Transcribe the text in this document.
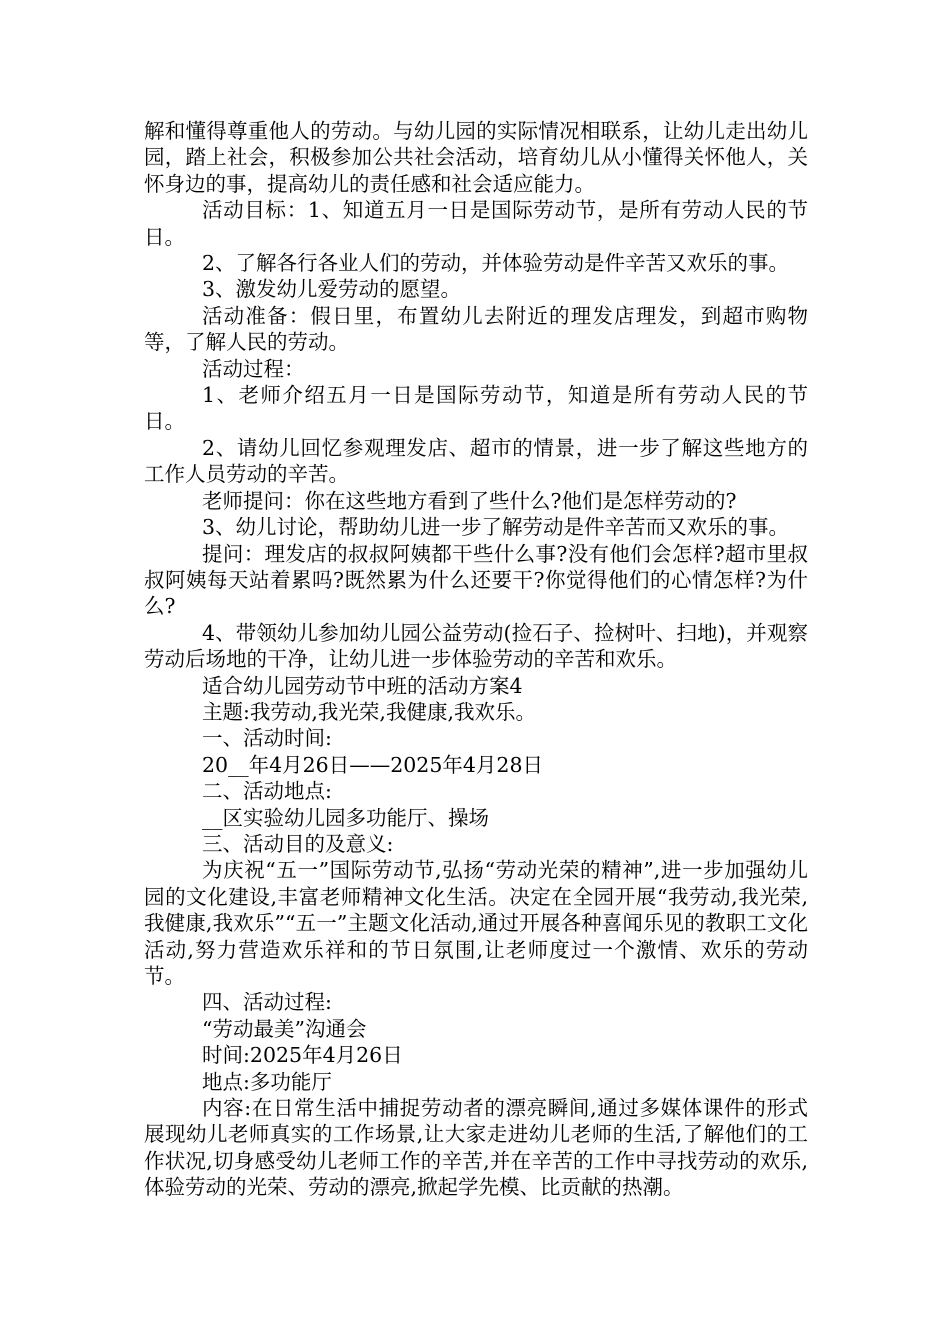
解和懂得尊重他人的劳动。与幼儿园的实际情况相联系，让幼儿走出幼儿园，踏上社会，积极参加公共社会活动，培育幼儿从小懂得关怀他人，关怀身边的事，提高幼儿的责任感和社会适应能力。

活动目标：1、知道五月一日是国际劳动节，是所有劳动人民的节日。

2、了解各行各业人们的劳动，并体验劳动是件辛苦又欢乐的事。

3、激发幼儿爱劳动的愿望。

活动准备：假日里，布置幼儿去附近的理发店理发，到超市购物等，了解人民的劳动。

活动过程：

1、老师介绍五月一日是国际劳动节，知道是所有劳动人民的节日。

2、请幼儿回忆参观理发店、超市的情景，进一步了解这些地方的工作人员劳动的辛苦。

老师提问：你在这些地方看到了些什么?他们是怎样劳动的?

3、幼儿讨论，帮助幼儿进一步了解劳动是件辛苦而又欢乐的事。

提问：理发店的叔叔阿姨都干些什么事?没有他们会怎样?超市里叔叔阿姨每天站着累吗?既然累为什么还要干?你觉得他们的心情怎样?为什么?

4、带领幼儿参加幼儿园公益劳动(捡石子、捡树叶、扫地)，并观察劳动后场地的干净，让幼儿进一步体验劳动的辛苦和欢乐。

适合幼儿园劳动节中班的活动方案4

主题:我劳动,我光荣,我健康,我欢乐。

一、活动时间:

20__年4月26日——2025年4月28日

二、活动地点:

__区实验幼儿园多功能厅、操场

三、活动目的及意义:

为庆祝“五一”国际劳动节,弘扬“劳动光荣的精神”,进一步加强幼儿园的文化建设,丰富老师精神文化生活。决定在全园开展“我劳动,我光荣,我健康,我欢乐”“五一”主题文化活动,通过开展各种喜闻乐见的教职工文化活动,努力营造欢乐祥和的节日氛围,让老师度过一个激情、欢乐的劳动节。

四、活动过程:

“劳动最美”沟通会

时间:2025年4月26日

地点:多功能厅

内容:在日常生活中捕捉劳动者的漂亮瞬间,通过多媒体课件的形式展现幼儿老师真实的工作场景,让大家走进幼儿老师的生活,了解他们的工作状况,切身感受幼儿老师工作的辛苦,并在辛苦的工作中寻找劳动的欢乐,体验劳动的光荣、劳动的漂亮,掀起学先模、比贡献的热潮。
